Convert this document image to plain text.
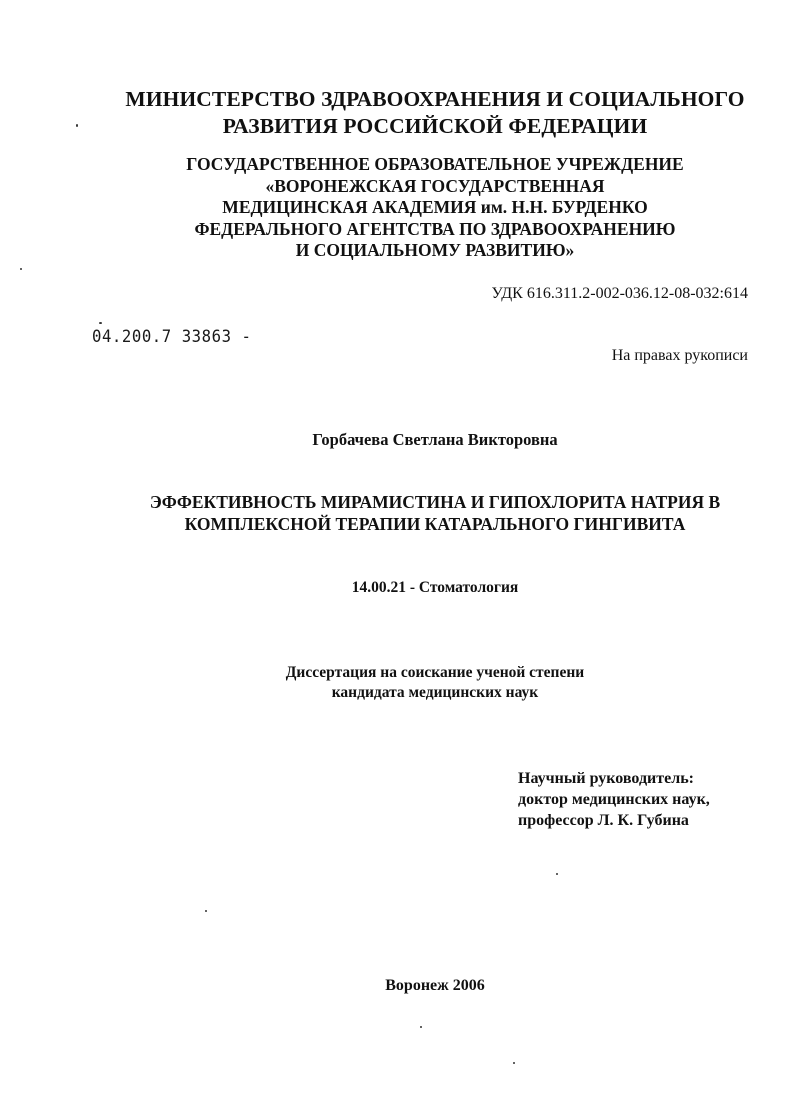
МИНИСТЕРСТВО ЗДРАВООХРАНЕНИЯ И СОЦИАЛЬНОГО
РАЗВИТИЯ РОССИЙСКОЙ ФЕДЕРАЦИИ
ГОСУДАРСТВЕННОЕ ОБРАЗОВАТЕЛЬНОЕ УЧРЕЖДЕНИЕ
«ВОРОНЕЖСКАЯ ГОСУДАРСТВЕННАЯ
МЕДИЦИНСКАЯ АКАДЕМИЯ им. Н.Н. БУРДЕНКО
ФЕДЕРАЛЬНОГО АГЕНТСТВА ПО ЗДРАВООХРАНЕНИЮ
И СОЦИАЛЬНОМУ РАЗВИТИЮ»
УДК 616.311.2-002-036.12-08-032:614
04.200.7 33863 -
На правах рукописи
Горбачева Светлана Викторовна
ЭФФЕКТИВНОСТЬ МИРАМИСТИНА И ГИПОХЛОРИТА НАТРИЯ В
КОМПЛЕКСНОЙ ТЕРАПИИ КАТАРАЛЬНОГО ГИНГИВИТА
14.00.21 - Стоматология
Диссертация на соискание ученой степени
кандидата медицинских наук
Научный руководитель:
доктор медицинских наук,
профессор Л. К. Губина
Воронеж 2006
